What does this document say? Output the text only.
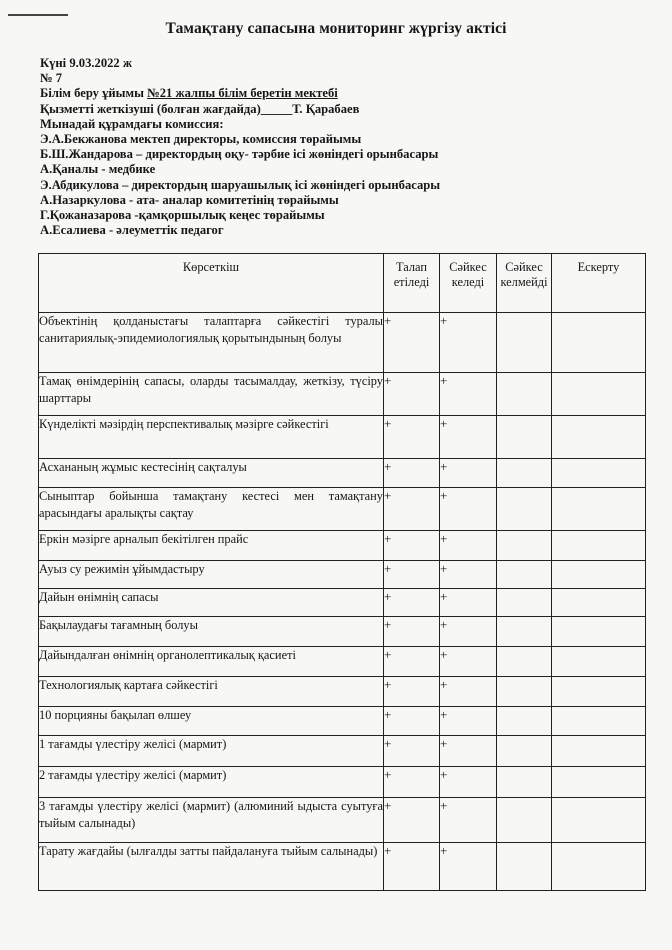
Тамақтану сапасына мониторинг жүргізу актісі
Күні 9.03.2022 ж
№ 7
Білім беру ұйымы №21 жалпы білім беретін мектебі
Қызметті жеткізуші (болған жағдайда)_____Т. Қарабаев
Мынадай құрамдағы комиссия:
Э.А.Бекжанова мектеп директоры, комиссия төрайымы
Б.Ш.Жандарова – директордың оқу- тәрбие ісі жөніндегі орынбасары
А.Қаналы - медбике
Э.Абдикулова – директордың шаруашылық ісі жөніндегі орынбасары
А.Назаркулова - ата- аналар комитетінің төрайымы
Г.Қожаназарова -қамқоршылық кеңес төрайымы
А.Есалиева - әлеуметтік педагог
Көрсеткіш	Талап етіледі	Сәйкес келеді	Сәйкес келмейді	Ескерту
Объектінің қолданыстағы талаптарға сәйкестігі туралы санитариялық-эпидемиологиялық қорытындының болуы	+	+		
Тамақ өнімдерінің сапасы, оларды тасымалдау, жеткізу, түсіру шарттары	+	+		
Күнделікті мәзірдің перспективалық мәзірге сәйкестігі	+	+		
Асхананың жұмыс кестесінің сақталуы	+	+		
Сыныптар бойынша тамақтану кестесі мен тамақтану арасындағы аралықты сақтау	+	+		
Еркін мәзірге арналып бекітілген прайс	+	+		
Ауыз су режимін ұйымдастыру	+	+		
Дайын өнімнің сапасы	+	+		
Бақылаудағы тағамның болуы	+	+		
Дайындалған өнімнің органолептикалық қасиеті	+	+		
Технологиялық картаға сәйкестігі	+	+		
10 порцияны бақылап өлшеу	+	+		
1 тағамды үлестіру желісі (мармит)	+	+		
2 тағамды үлестіру желісі (мармит)	+	+		
3 тағамды үлестіру желісі (мармит) (алюминий ыдыста суытуға тыйым салынады)	+	+		
Тарату жағдайы (ылғалды затты пайдалануға тыйым салынады)	+	+		
